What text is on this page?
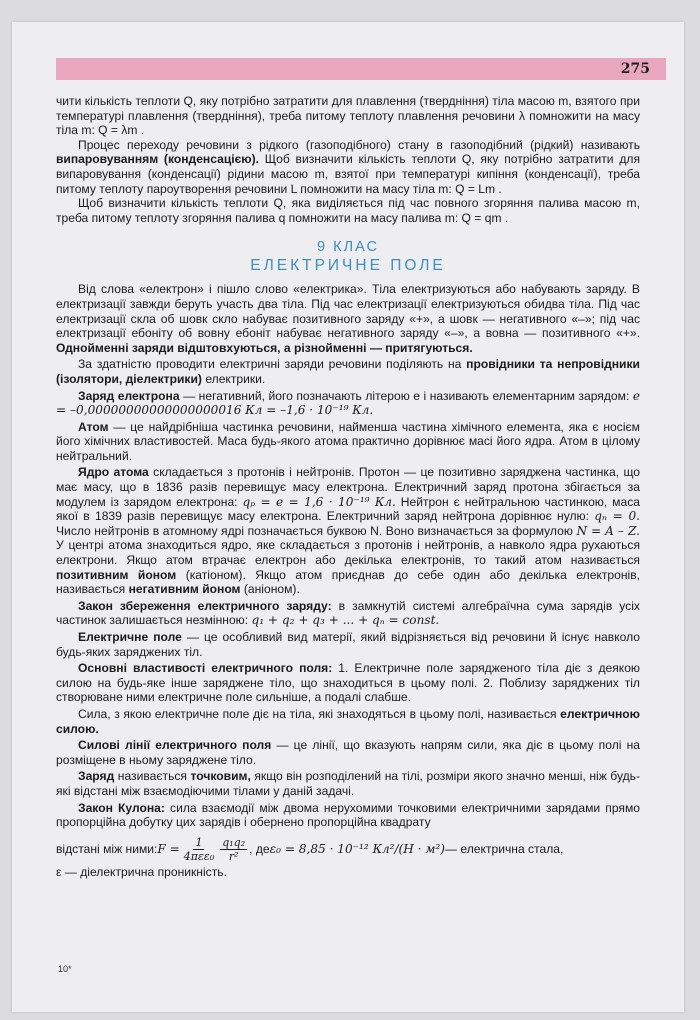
275

чити кількість теплоти Q, яку потрібно затратити для плавлення (твердніння) тіла масою m, взятого при температурі плавлення (твердніння), треба питому теплоту плавлення речовини λ помножити на масу тіла m: Q = λm .

Процес переходу речовини з рідкого (газоподібного) стану в газоподібний (рідкий) називають випаровуванням (конденсацією). Щоб визначити кількість теплоти Q, яку потрібно затратити для випаровування (конденсації) рідини масою m, взятої при температурі кипіння (конденсації), треба питому теплоту пароутворення речовини L помножити на масу тіла m: Q = Lm .

Щоб визначити кількість теплоти Q, яка виділяється під час повного згоряння палива масою m, треба питому теплоту згоряння палива q помножити на масу палива m: Q = qm .

9 КЛАС

ЕЛЕКТРИЧНЕ ПОЛЕ

Від слова «електрон» і пішло слово «електрика». Тіла електризуються або набувають заряду. В електризації завжди беруть участь два тіла. Під час електризації електризуються обидва тіла. Під час електризації скла об шовк скло набуває позитивного заряду «+», а шовк — негативного «–»; під час електризації ебоніту об вовну ебоніт набуває негативного заряду «–», а вовна — позитивного «+». Однойменні заряди відштовхуються, а різнойменні — притягуються.

За здатністю проводити електричні заряди речовини поділяють на провідники та непровідники (ізолятори, діелектрики) електрики.

Заряд електрона — негативний, його позначають літерою e і називають елементарним зарядом: e = –0,00000000000000000016 Кл = –1,6 · 10⁻¹⁹ Кл.

Атом — це найдрібніша частинка речовини, найменша частина хімічного елемента, яка є носієм його хімічних властивостей. Маса будь-якого атома практично дорівнює масі його ядра. Атом в цілому нейтральний.

Ядро атома складається з протонів і нейтронів. Протон — це позитивно заряджена частинка, що має масу, що в 1836 разів перевищує масу електрона. Електричний заряд протона збігається за модулем із зарядом електрона: qₚ = e = 1,6 · 10⁻¹⁹ Кл. Нейтрон є нейтральною частинкою, маса якої в 1839 разів перевищує масу електрона. Електричний заряд нейтрона дорівнює нулю: qₙ = 0. Число нейтронів в атомному ядрі позначається буквою N. Воно визначається за формулою N = A – Z. У центрі атома знаходиться ядро, яке складається з протонів і нейтронів, а навколо ядра рухаються електрони. Якщо атом втрачає електрон або декілька електронів, то такий атом називається позитивним йоном (катіоном). Якщо атом приєднав до себе один або декілька електронів, називається негативним йоном (аніоном).

Закон збереження електричного заряду: в замкнутій системі алгебраїчна сума зарядів усіх частинок залишається незмінною: q₁ + q₂ + q₃ + ... + qₙ = const.

Електричне поле — це особливий вид матерії, який відрізняється від речовини й існує навколо будь-яких заряджених тіл.

Основні властивості електричного поля: 1. Електричне поле зарядженого тіла діє з деякою силою на будь-яке інше заряджене тіло, що знаходиться в цьому полі. 2. Поблизу заряджених тіл створюване ними електричне поле сильніше, а подалі слабше.

Сила, з якою електричне поле діє на тіла, які знаходяться в цьому полі, називається електричною силою.

Силові лінії електричного поля — це лінії, що вказують напрям сили, яка діє в цьому полі на розміщене в ньому заряджене тіло.

Заряд називається точковим, якщо він розподілений на тілі, розміри якого значно менші, ніж будь-які відстані між взаємодіючими тілами у даній задачі.

Закон Кулона: сила взаємодії між двома нерухомими точковими електричними зарядами прямо пропорційна добутку цих зарядів і обернено пропорційна квадрату

відстані між ними: $F = \frac{1}{\text{4πεε₀}} \frac{\text{q₁q₂}}{\text{r²}}$ , де ε₀ = 8,85 · 10⁻¹² Кл²/(Н · м²) — електрична стала,

ε — діелектрична проникність.

10*
